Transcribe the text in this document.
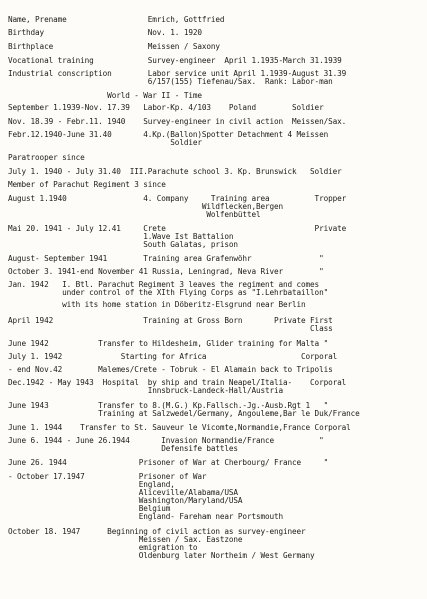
Name, Prename                  Emrich, Gottfried
Birthday                       Nov. 1. 1920
Birthplace                     Meissen / Saxony
Vocational training            Survey-engineer  April 1.1935-March 31.1939
Industrial conscription        Labor service unit April 1.1939-August 31.39
6/157(155) Tiefenau/Sax.  Rank: Labor-man
World - War II - Time
September 1.1939-Nov. 17.39   Labor-Kp. 4/103    Poland        Soldier
Nov. 18.39 - Febr.11. 1940    Survey-engineer in civil action  Meissen/Sax.
Febr.12.1940-June 31.40       4.Kp.(Ballon)Spotter Detachment 4 Meissen
Soldier
Paratrooper since
July 1. 1940 - July 31.40  III.Parachute school 3. Kp. Brunswick   Soldier
Member of Parachut Regiment 3 since
August 1.1940                 4. Company     Training area          Tropper
Wildflecken,Bergen
Wolfenbüttel
Mai 20. 1941 - July 12.41     Crete                                 Private
1.Wave Ist Battalion
South Galatas, prison
August- September 1941        Training area Grafenwöhr               "
October 3. 1941-end November 41 Russia, Leningrad, Neva River        "
Jan. 1942   I. Btl. Parachut Regiment 3 leaves the regiment and comes
under control of the XIth Flying Corps as "I.Lehrbataillon"
with its home station in Döberitz-Elsgrund near Berlin
April 1942                    Training at Gross Born       Private First
Class
June 1942           Transfer to Hildesheim, Glider training for Malta "
July 1. 1942             Starting for Africa                     Corporal
- end Nov.42        Malemes/Crete - Tobruk - El Alamain back to Tripolis
Dec.1942 - May 1943  Hospital  by ship and train Neapel/Italia-    Corporal
Innsbruck-Landeck-Hall/Austria
June 1943           Transfer to 8.(M.G.) Kp.Fallsch.-Jg.-Ausb.Rgt 1   "
Training at Salzwedel/Germany, Angouleme,Bar le Duk/France
June 1. 1944    Transfer to St. Sauveur le Vicomte,Normandie,France Corporal
June 6. 1944 - June 26.1944       Invasion Normandie/France          "
Defensife battles
June 26. 1944                Prisoner of War at Cherbourg/ France     "
- October 17.1947            Prisoner of War
England,
Aliceville/Alabama/USA
Washington/Maryland/USA
Belgium
England- Fareham near Portsmouth
October 18. 1947      Beginning of civil action as survey-engineer
Meissen / Sax. Eastzone
emigration to
Oldenburg later Northeim / West Germany
